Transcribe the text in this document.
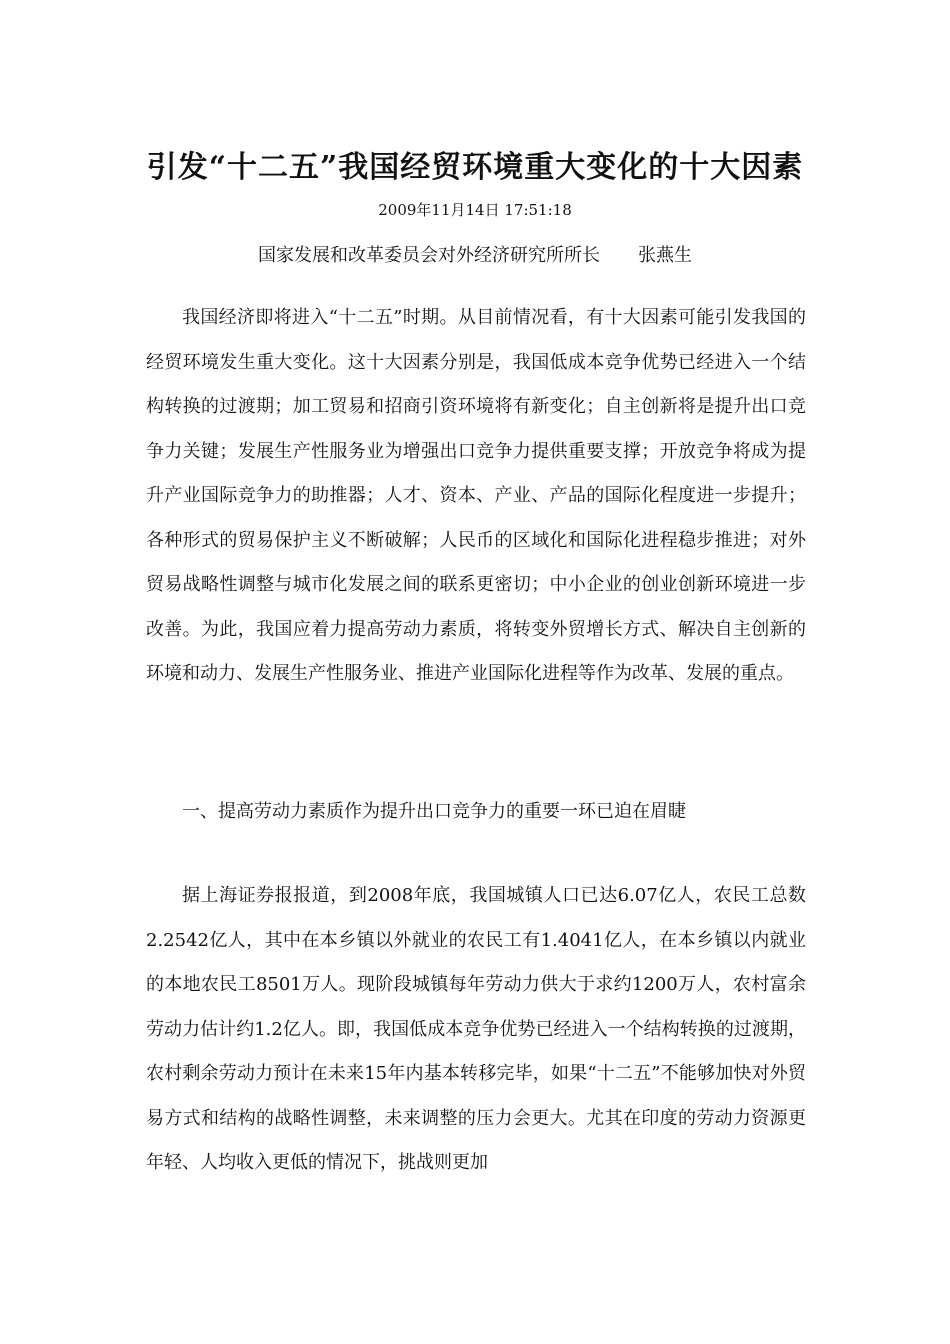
引发“十二五”我国经贸环境重大变化的十大因素
2009年11月14日 17:51:18
国家发展和改革委员会对外经济研究所所长 张燕生

我国经济即将进入“十二五”时期。从目前情况看，有十大因素可能引发我国的经贸环境发生重大变化。这十大因素分别是，我国低成本竞争优势已经进入一个结构转换的过渡期；加工贸易和招商引资环境将有新变化；自主创新将是提升出口竞争力关键；发展生产性服务业为增强出口竞争力提供重要支撑；开放竞争将成为提升产业国际竞争力的助推器；人才、资本、产业、产品的国际化程度进一步提升；各种形式的贸易保护主义不断破解；人民币的区域化和国际化进程稳步推进；对外贸易战略性调整与城市化发展之间的联系更密切；中小企业的创业创新环境进一步改善。为此，我国应着力提高劳动力素质，将转变外贸增长方式、解决自主创新的环境和动力、发展生产性服务业、推进产业国际化进程等作为改革、发展的重点。

一、提高劳动力素质作为提升出口竞争力的重要一环已迫在眉睫

据上海证券报报道，到2008年底，我国城镇人口已达6.07亿人，农民工总数2.2542亿人，其中在本乡镇以外就业的农民工有1.4041亿人，在本乡镇以内就业的本地农民工8501万人。现阶段城镇每年劳动力供大于求约1200万人，农村富余劳动力估计约1.2亿人。即，我国低成本竞争优势已经进入一个结构转换的过渡期，农村剩余劳动力预计在未来15年内基本转移完毕，如果“十二五”不能够加快对外贸易方式和结构的战略性调整，未来调整的压力会更大。尤其在印度的劳动力资源更年轻、人均收入更低的情况下，挑战则更加
